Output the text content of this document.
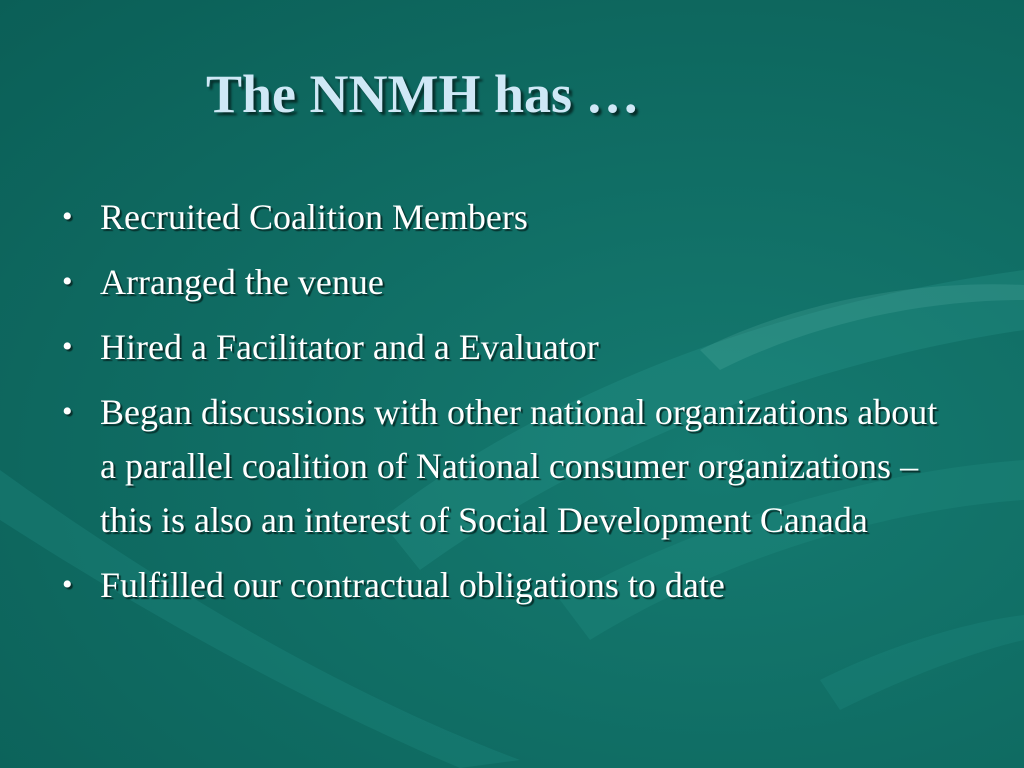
The NNMH has …
• Recruited Coalition Members
• Arranged the venue
• Hired a Facilitator and a Evaluator
• Began discussions with other national organizations about a parallel coalition of National consumer organizations – this is also an interest of Social Development Canada
• Fulfilled our contractual obligations to date
